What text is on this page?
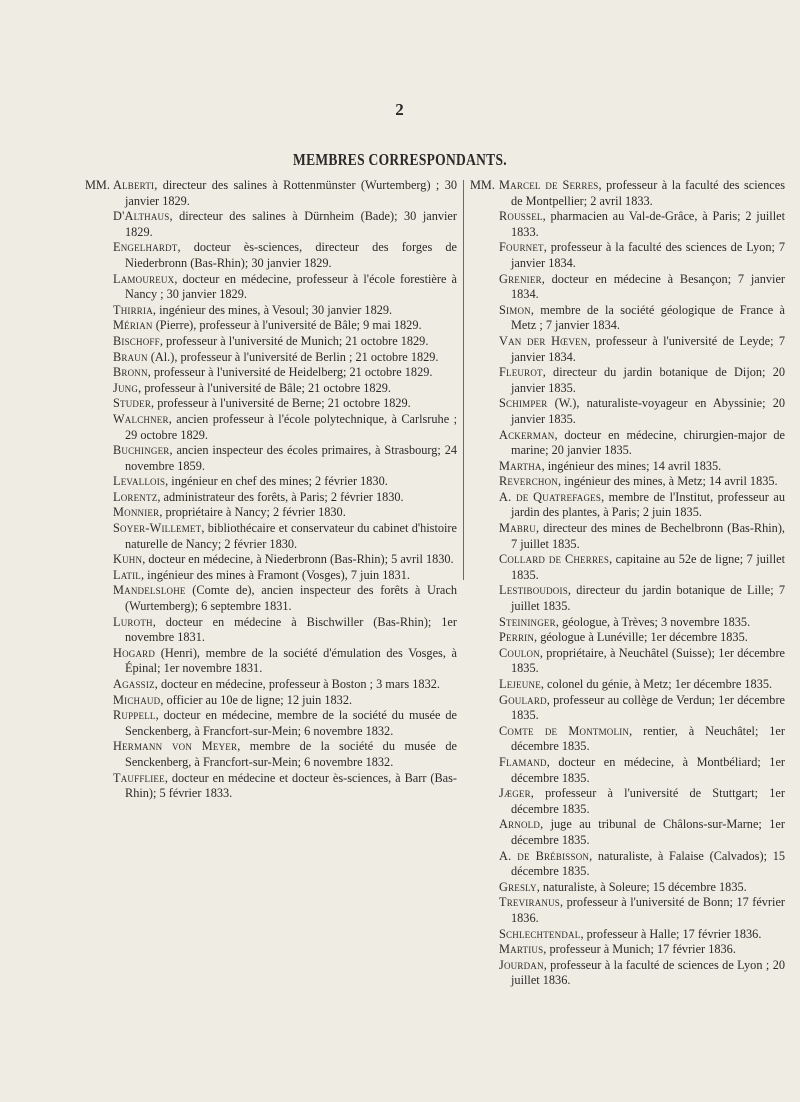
2
MEMBRES CORRESPONDANTS.
MM. Alberti, directeur des salines à Rottenmünster (Wurtemberg) ; 30 janvier 1829.

D'Althaus, directeur des salines à Dürnheim (Bade); 30 janvier 1829.

Engelhardt, docteur ès-sciences, directeur des forges de Niederbronn (Bas-Rhin); 30 janvier 1829.

Lamoureux, docteur en médecine, professeur à l'école forestière à Nancy ; 30 janvier 1829.

Thirria, ingénieur des mines, à Vesoul; 30 janvier 1829.

Mérian (Pierre), professeur à l'université de Bâle; 9 mai 1829.

Bischoff, professeur à l'université de Munich; 21 octobre 1829.

Braun (Al.), professeur à l'université de Berlin ; 21 octobre 1829.

Bronn, professeur à l'université de Heidelberg; 21 octobre 1829.

Jung, professeur à l'université de Bâle; 21 octobre 1829.

Studer, professeur à l'université de Berne; 21 octobre 1829.

Walchner, ancien professeur à l'école polytechnique, à Carlsruhe ; 29 octobre 1829.

Buchinger, ancien inspecteur des écoles primaires, à Strasbourg; 24 novembre 1859.

Levallois, ingénieur en chef des mines; 2 février 1830.

Lorentz, administrateur des forêts, à Paris; 2 février 1830.

Monnier, propriétaire à Nancy; 2 février 1830.

Soyer-Willemet, bibliothécaire et conservateur du cabinet d'histoire naturelle de Nancy; 2 février 1830.

Kuhn, docteur en médecine, à Niederbronn (Bas-Rhin); 5 avril 1830.

Latil, ingénieur des mines à Framont (Vosges), 7 juin 1831.

Mandelslohe (Comte de), ancien inspecteur des forêts à Urach (Wurtemberg); 6 septembre 1831.

Luroth, docteur en médecine à Bischwiller (Bas-Rhin); 1er novembre 1831.

Hogard (Henri), membre de la société d'émulation des Vosges, à Épinal; 1er novembre 1831.

Agassiz, docteur en médecine, professeur à Boston ; 3 mars 1832.

Michaud, officier au 10e de ligne; 12 juin 1832.

Ruppell, docteur en médecine, membre de la société du musée de Senckenberg, à Francfort-sur-Mein; 6 novembre 1832.

Hermann von Meyer, membre de la société du musée de Senckenberg, à Francfort-sur-Mein; 6 novembre 1832.

Tauffliee, docteur en médecine et docteur ès-sciences, à Barr (Bas-Rhin); 5 février 1833.

MM. Marcel de Serres, professeur à la faculté des sciences de Montpellier; 2 avril 1833.

Roussel, pharmacien au Val-de-Grâce, à Paris; 2 juillet 1833.

Fournet, professeur à la faculté des sciences de Lyon; 7 janvier 1834.

Grenier, docteur en médecine à Besançon; 7 janvier 1834.

Simon, membre de la société géologique de France à Metz ; 7 janvier 1834.

Van der Hœven, professeur à l'université de Leyde; 7 janvier 1834.

Fleurot, directeur du jardin botanique de Dijon; 20 janvier 1835.

Schimper (W.), naturaliste-voyageur en Abyssinie; 20 janvier 1835.

Ackerman, docteur en médecine, chirurgien-major de marine; 20 janvier 1835.

Martha, ingénieur des mines; 14 avril 1835.

Reverchon, ingénieur des mines, à Metz; 14 avril 1835.

A. de Quatrefages, membre de l'Institut, professeur au jardin des plantes, à Paris; 2 juin 1835.

Mabru, directeur des mines de Bechelbronn (Bas-Rhin), 7 juillet 1835.

Collard de Cherres, capitaine au 52e de ligne; 7 juillet 1835.

Lestiboudois, directeur du jardin botanique de Lille; 7 juillet 1835.

Steininger, géologue, à Trèves; 3 novembre 1835.

Perrin, géologue à Lunéville; 1er décembre 1835.

Coulon, propriétaire, à Neuchâtel (Suisse); 1er décembre 1835.

Lejeune, colonel du génie, à Metz; 1er décembre 1835.

Goulard, professeur au collège de Verdun; 1er décembre 1835.

Comte de Montmolin, rentier, à Neuchâtel; 1er décembre 1835.

Flamand, docteur en médecine, à Montbéliard; 1er décembre 1835.

Jæger, professeur à l'université de Stuttgart; 1er décembre 1835.

Arnold, juge au tribunal de Châlons-sur-Marne; 1er décembre 1835.

A. de Brébisson, naturaliste, à Falaise (Calvados); 15 décembre 1835.

Gresly, naturaliste, à Soleure; 15 décembre 1835.

Treviranus, professeur à l'université de Bonn; 17 février 1836.

Schlechtendal, professeur à Halle; 17 février 1836.

Martius, professeur à Munich; 17 février 1836.

Jourdan, professeur à la faculté de sciences de Lyon ; 20 juillet 1836.
